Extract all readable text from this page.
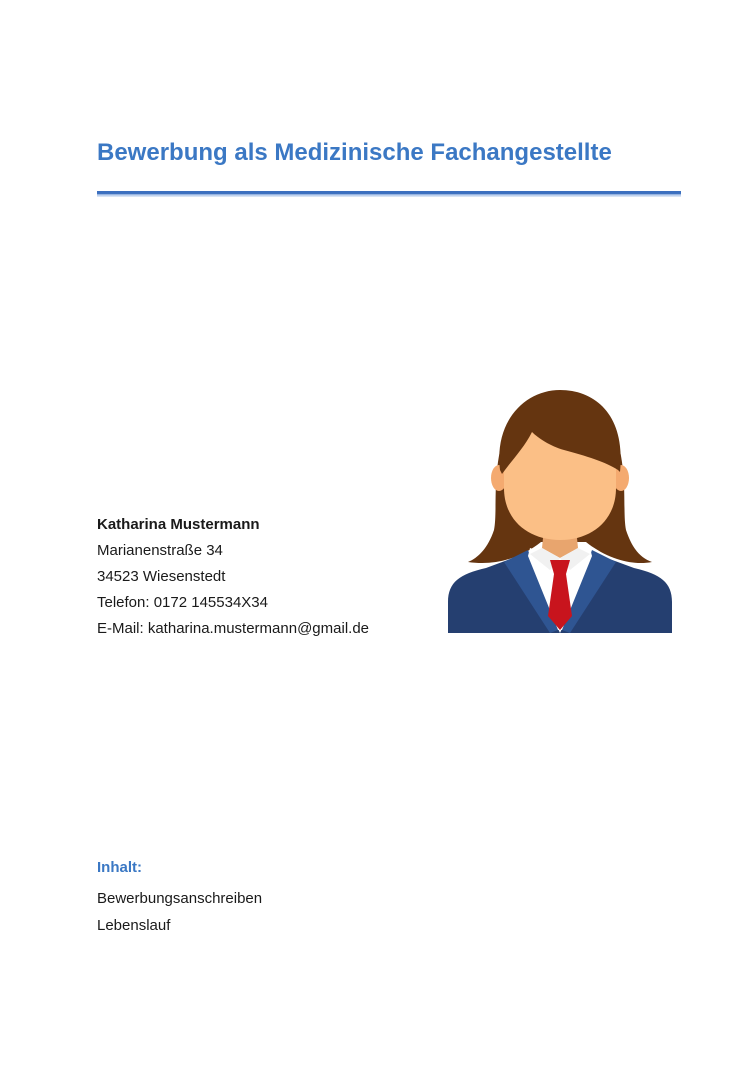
Bewerbung als Medizinische Fachangestellte
Katharina Mustermann
Marianenstraße 34
34523 Wiesenstedt
Telefon: 0172 145534X34
E-Mail: katharina.mustermann@gmail.de
Inhalt:
Bewerbungsanschreiben
Lebenslauf
